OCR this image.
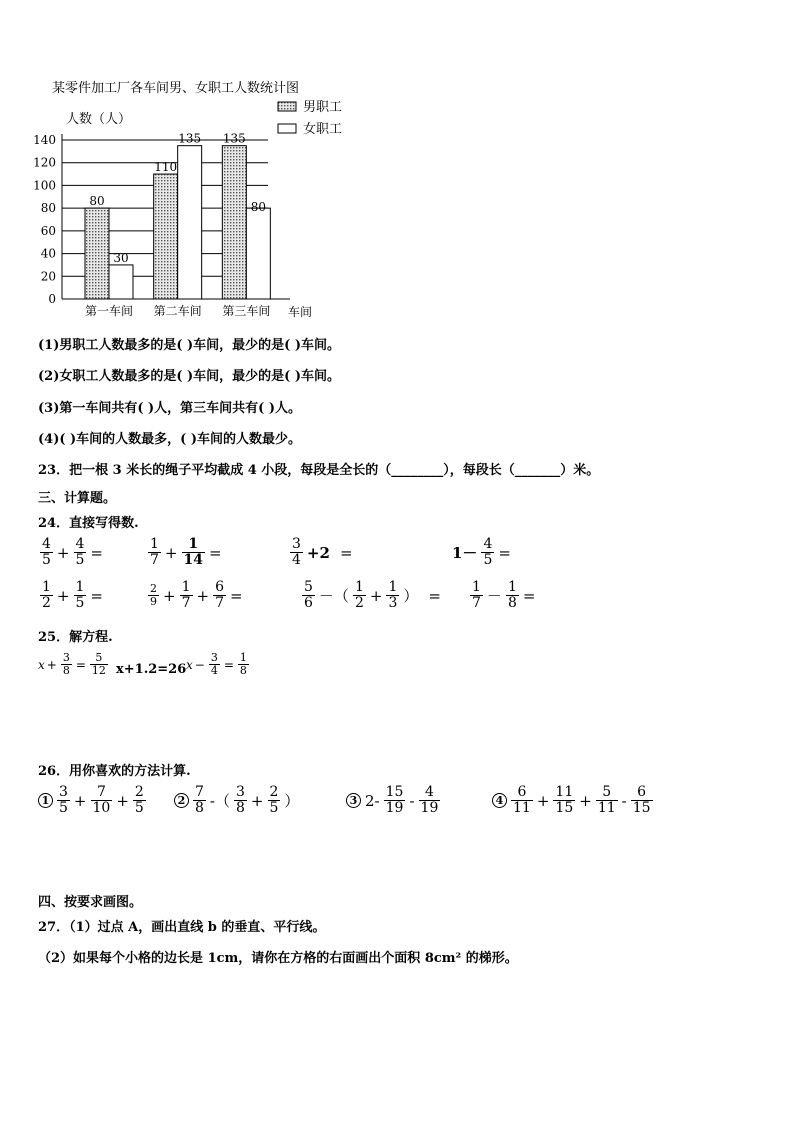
某零件加工厂各车间男、女职工人数统计图
人数（人）
0
20
40
60
80
100
120
140
车间
80
30
第一车间
110
135
第二车间
135
80
第三车间
男职工
女职工
(1)男职工人数最多的是( )车间，最少的是( )车间。
(2)女职工人数最多的是( )车间，最少的是( )车间。
(3)第一车间共有( )人，第三车间共有( )人。
(4)( )车间的人数最多，( )车间的人数最少。
23．把一根 3 米长的绳子平均截成 4 小段，每段是全长的（________），每段长（_______）米。
三、计算题。
24．直接写得数.
$\frac{4}{5} + \frac{4}{5}$ =	$\frac{1}{7} + \frac{1}{14}$ =	$\frac{3}{4} +2$ =	$1- \frac{4}{5}$ =
$\frac{1}{2} + \frac{1}{5}$ =	$\frac{2}{9} + \frac{1}{7} + \frac{6}{7}$ =	$\frac{5}{6}$ －（ $\frac{1}{2} + \frac{1}{3}$ ） = $\frac{1}{7} - \frac{1}{8}$ =
25．解方程.
$x + \frac{3}{8} = \frac{5}{12} x+1.2=26$ $x - \frac{3}{4} = \frac{1}{8}$
26．用你喜欢的方法计算.
$1 \frac{3}{5} + \frac{7}{10} + \frac{2}{5}$	$2 \frac{7}{8}$ -（ $\frac{3}{8} + \frac{2}{5}$ ）	3 $2- \frac{15}{19} - \frac{4}{19}$	$4 \frac{6}{11} + \frac{11}{15} + \frac{5}{11} - \frac{6}{15}$
四、按要求画图。
27．（1）过点 A，画出直线 b 的垂直、平行线。
（2）如果每个小格的边长是 1cm，请你在方格的右面画出个面积 8cm² 的梯形。
